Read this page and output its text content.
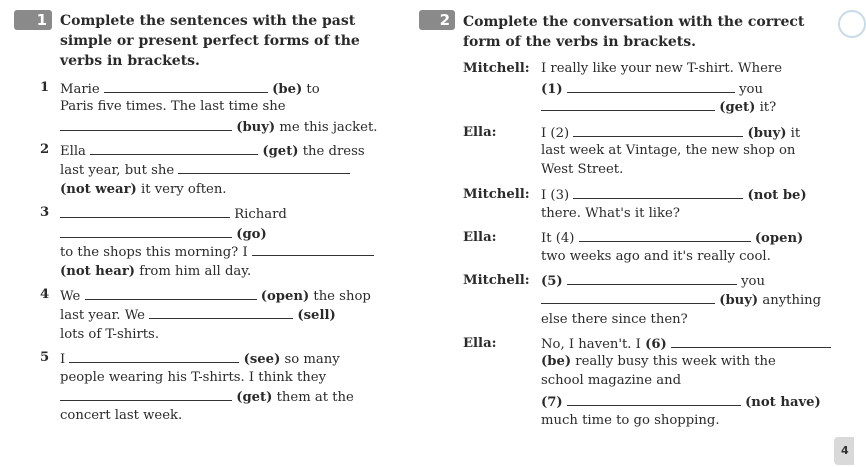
1 Complete the sentences with the past
simple or present perfect forms of the
verbs in brackets.
1 Marie	(be) to
Paris five times. The last time she
(buy) me this jacket.
2 Ella	(get) the dress
last year, but she
(not wear) it very often.
3	Richard
(go)
to the shops this morning? I
(not hear) from him all day.
4 We	(open) the shop
last year. We	(sell)
lots of T-shirts.
5 I	(see) so many
people wearing his T-shirts. I think they
(get) them at the
concert last week.
2 Complete the conversation with the correct
form of the verbs in brackets.
Mitchell: I really like your new T-shirt. Where
(1)	you
(get) it?
Ella:	I (2)	(buy) it
last week at Vintage, the new shop on
West Street.
Mitchell: I (3)	(not be)
there. What's it like?
Ella:	It (4)	(open)
two weeks ago and it's really cool.
Mitchell: (5)	you
(buy) anything
else there since then?
Ella:	No, I haven't. I (6)
(be) really busy this week with the
school magazine and
(7)	(not have)
much time to go shopping.
4
